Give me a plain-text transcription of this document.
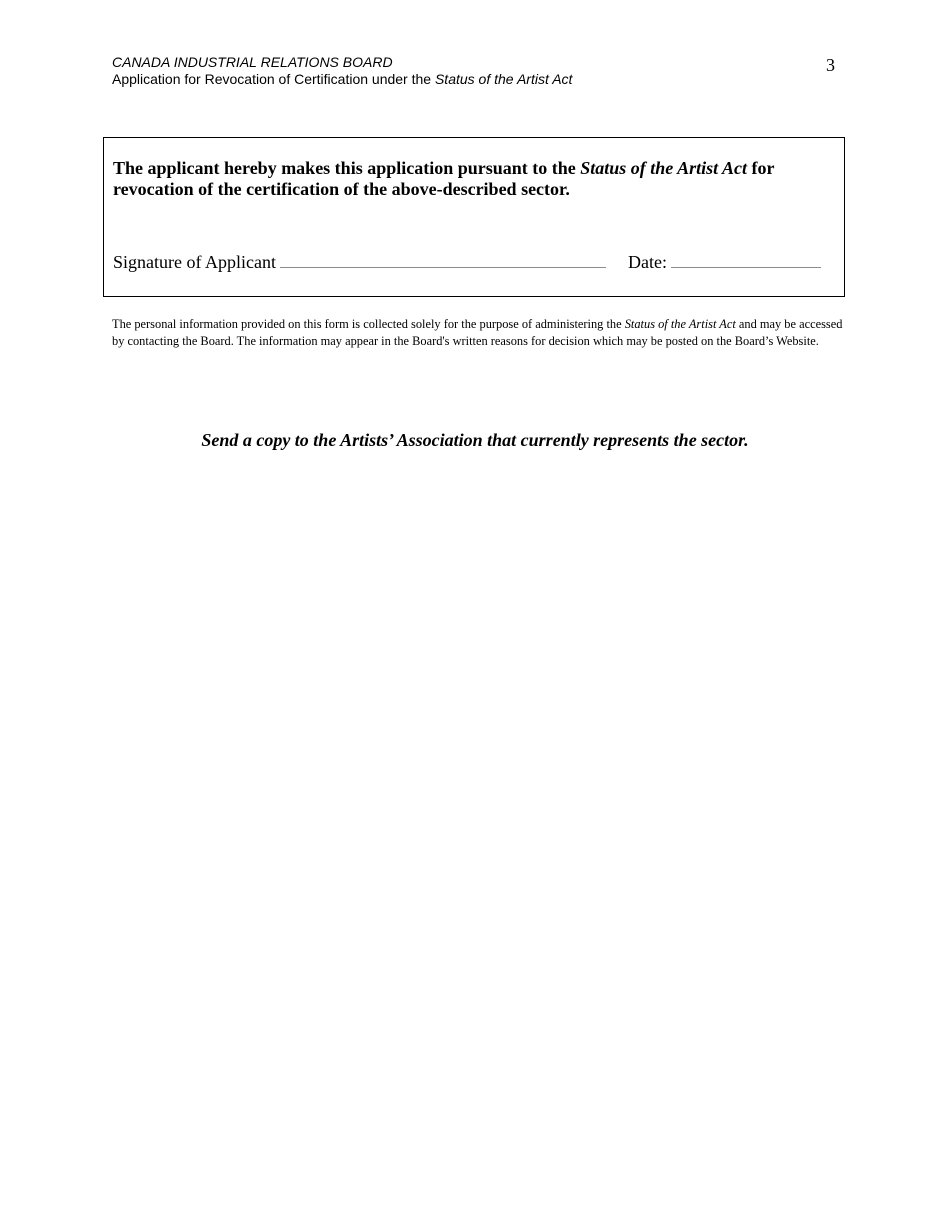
CANADA INDUSTRIAL RELATIONS BOARD
Application for Revocation of Certification under the Status of the Artist Act
3
The applicant hereby makes this application pursuant to the Status of the Artist Act for revocation of the certification of the above-described sector.
Signature of Applicant	Date:
The personal information provided on this form is collected solely for the purpose of administering the Status of the Artist Act and may be accessed by contacting the Board. The information may appear in the Board's written reasons for decision which may be posted on the Board’s Website.
Send a copy to the Artists’ Association that currently represents the sector.
